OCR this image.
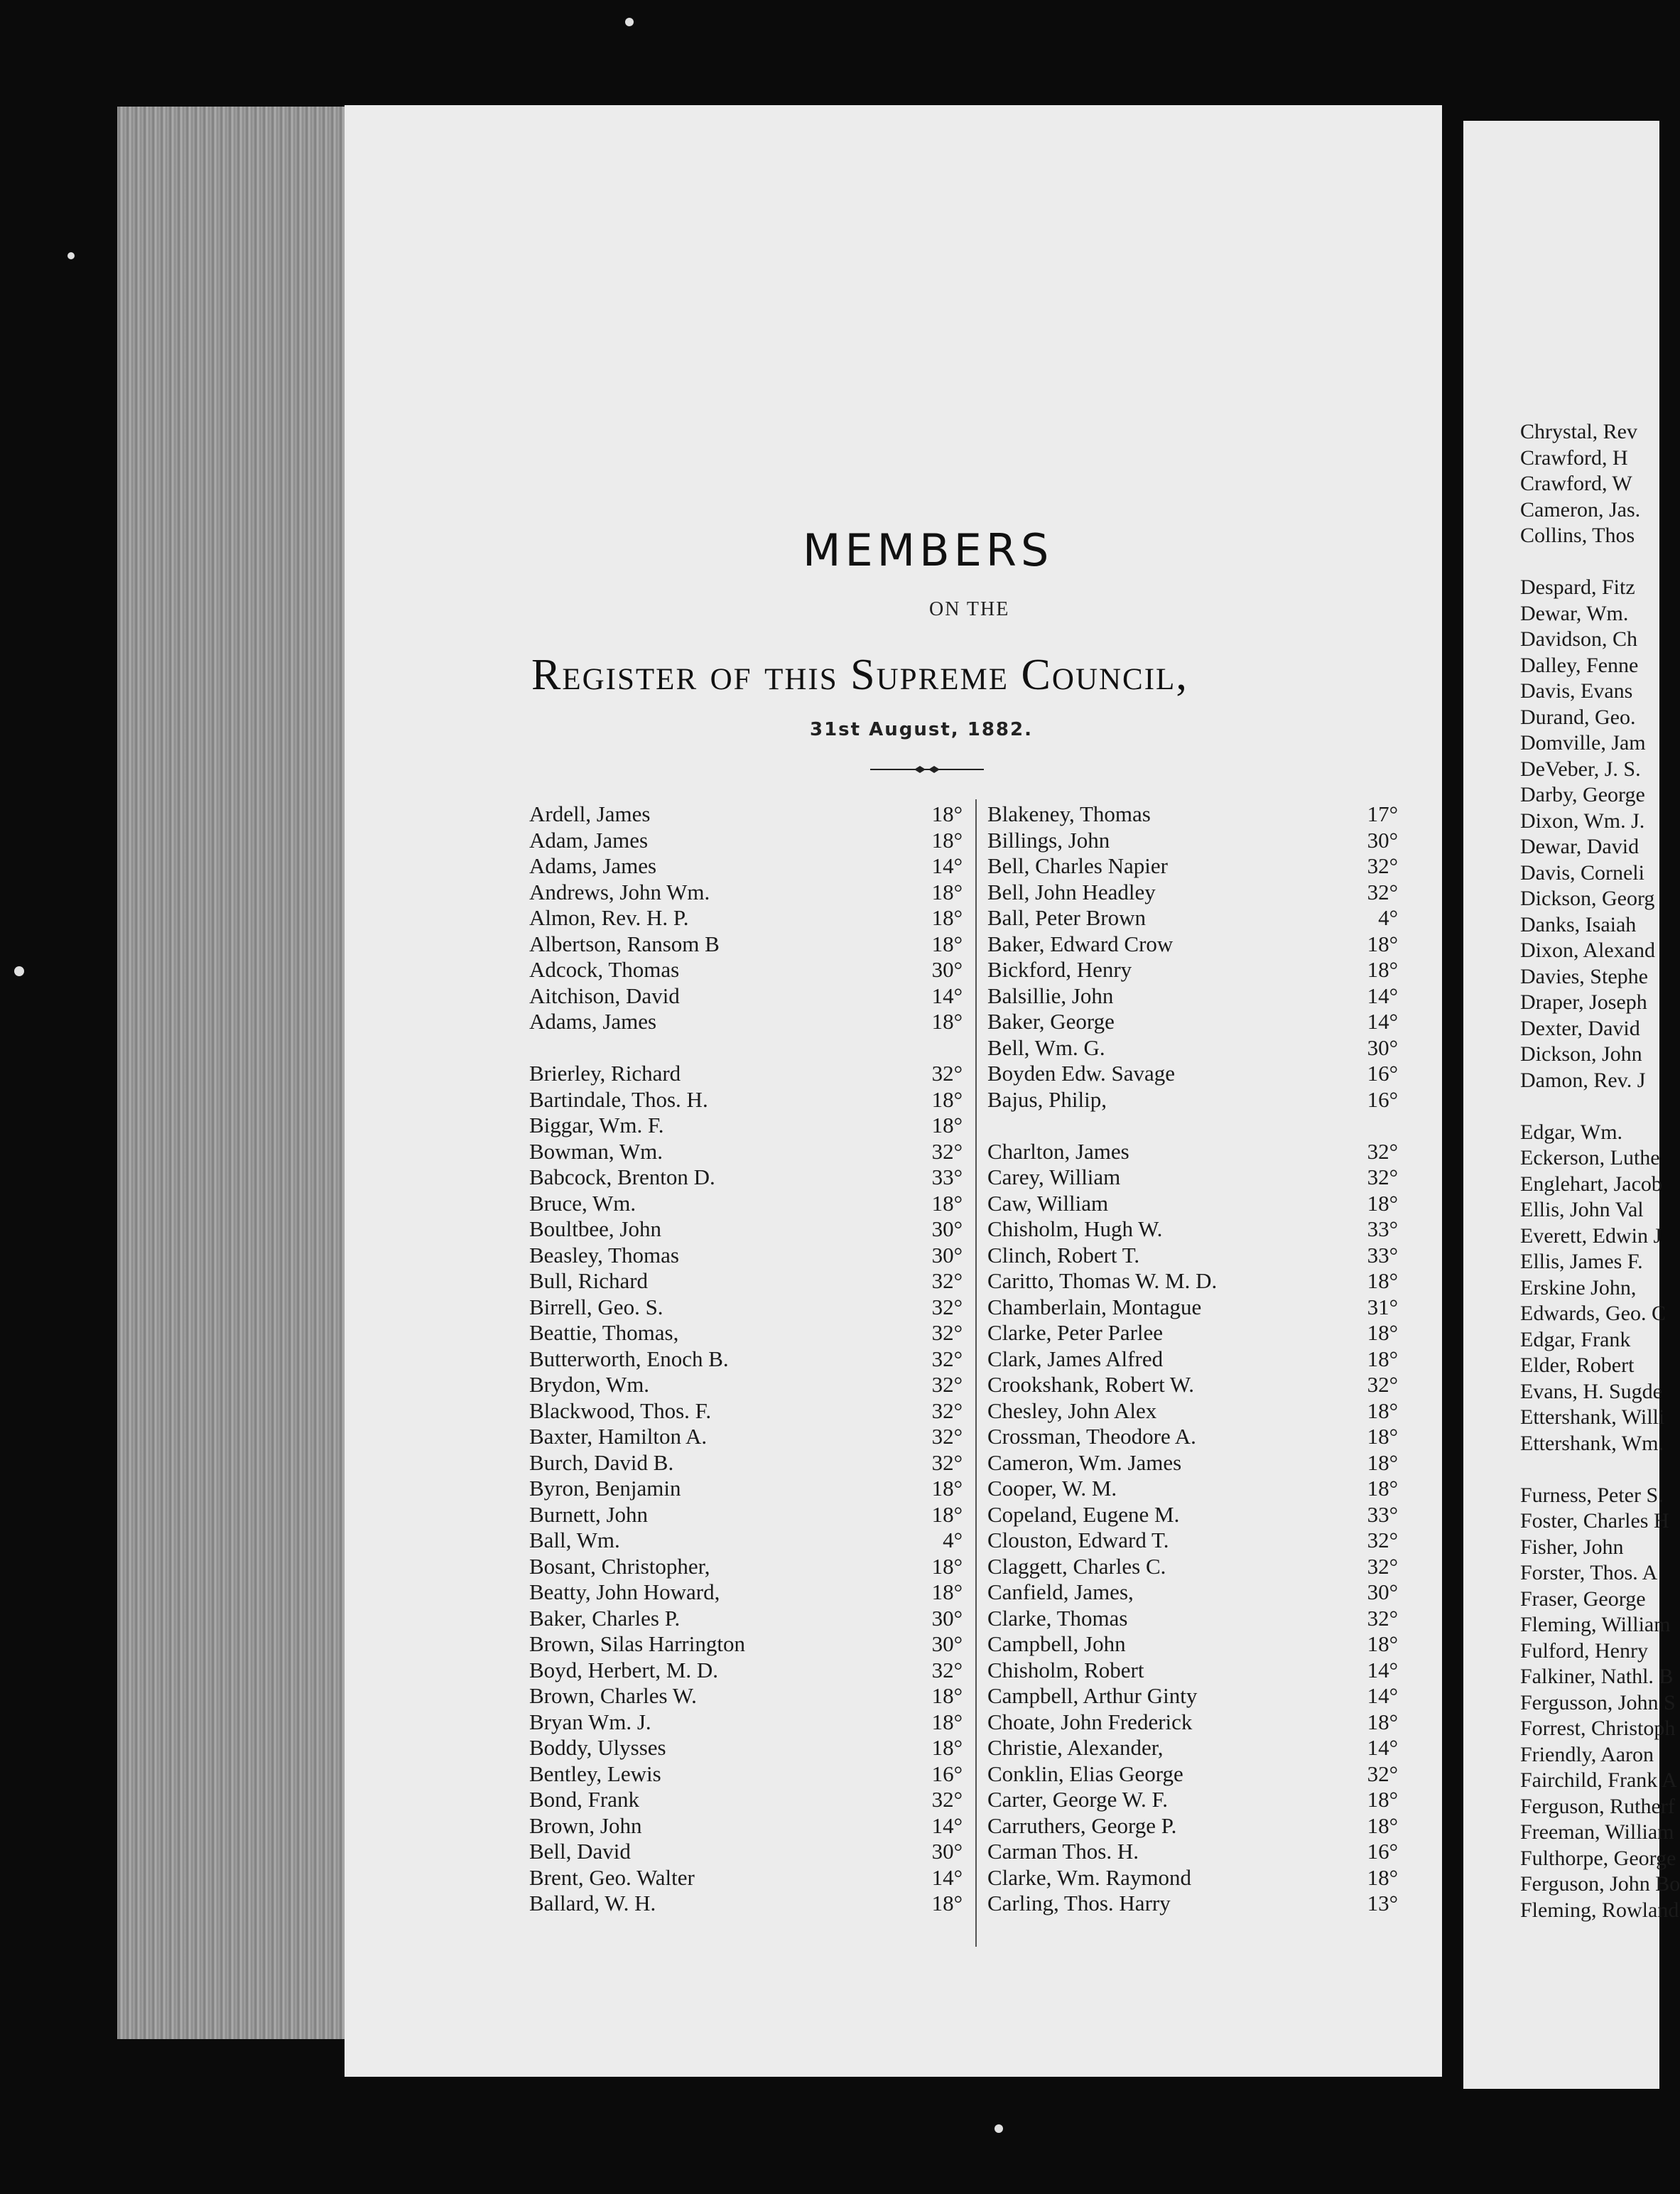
MEMBERS
ON THE
Register of this Supreme Council,
31st August, 1882.
Ardell, James	18°
Adam, James	18°
Adams, James	14°
Andrews, John Wm.	18°
Almon, Rev. H. P.	18°
Albertson, Ransom B	18°
Adcock, Thomas	30°
Aitchison, David	14°
Adams, James	18°
Brierley, Richard	32°
Bartindale, Thos. H.	18°
Biggar, Wm. F.	18°
Bowman, Wm.	32°
Babcock, Brenton D.	33°
Bruce, Wm.	18°
Boultbee, John	30°
Beasley, Thomas	30°
Bull, Richard	32°
Birrell, Geo. S.	32°
Beattie, Thomas,	32°
Butterworth, Enoch B.	32°
Brydon, Wm.	32°
Blackwood, Thos. F.	32°
Baxter, Hamilton A.	32°
Burch, David B.	32°
Byron, Benjamin	18°
Burnett, John	18°
Ball, Wm.	4°
Bosant, Christopher,	18°
Beatty, John Howard,	18°
Baker, Charles P.	30°
Brown, Silas Harrington	30°
Boyd, Herbert, M. D.	32°
Brown, Charles W.	18°
Bryan Wm. J.	18°
Boddy, Ulysses	18°
Bentley, Lewis	16°
Bond, Frank	32°
Brown, John	14°
Bell, David	30°
Brent, Geo. Walter	14°
Ballard, W. H.	18°
Blakeney, Thomas	17°
Billings, John	30°
Bell, Charles Napier	32°
Bell, John Headley	32°
Ball, Peter Brown	4°
Baker, Edward Crow	18°
Bickford, Henry	18°
Balsillie, John	14°
Baker, George	14°
Bell, Wm. G.	30°
Boyden Edw. Savage	16°
Bajus, Philip,	16°
Charlton, James	32°
Carey, William	32°
Caw, William	18°
Chisholm, Hugh W.	33°
Clinch, Robert T.	33°
Caritto, Thomas W. M. D.	18°
Chamberlain, Montague	31°
Clarke, Peter Parlee	18°
Clark, James Alfred	18°
Crookshank, Robert W.	32°
Chesley, John Alex	18°
Crossman, Theodore A.	18°
Cameron, Wm. James	18°
Cooper, W. M.	18°
Copeland, Eugene M.	33°
Clouston, Edward T.	32°
Claggett, Charles C.	32°
Canfield, James,	30°
Clarke, Thomas	32°
Campbell, John	18°
Chisholm, Robert	14°
Campbell, Arthur Ginty	14°
Choate, John Frederick	18°
Christie, Alexander,	14°
Conklin, Elias George	32°
Carter, George W. F.	18°
Carruthers, George P.	18°
Carman Thos. H.	16°
Clarke, Wm. Raymond	18°
Carling, Thos. Harry	13°
Chrystal, Rev
Crawford, H
Crawford, W
Cameron, Jas.
Collins, Thos
Despard, Fitz
Dewar, Wm.
Davidson, Ch
Dalley, Fenne
Davis, Evans
Durand, Geo.
Domville, Jam
DeVeber, J. S.
Darby, George
Dixon, Wm. J.
Dewar, David
Davis, Corneli
Dickson, Georg
Danks, Isaiah
Dixon, Alexand
Davies, Stephe
Draper, Joseph
Dexter, David
Dickson, John
Damon, Rev. J
Edgar, Wm.
Eckerson, Luthe
Englehart, Jacob
Ellis, John Val
Everett, Edwin J
Ellis, James F.
Erskine John,
Edwards, Geo. C
Edgar, Frank
Elder, Robert
Evans, H. Sugde
Ettershank, Willi
Ettershank, Wm.
Furness, Peter S.
Foster, Charles H
Fisher, John
Forster, Thos. A
Fraser, George
Fleming, William
Fulford, Henry
Falkiner, Nathl. B
Fergusson, John S
Forrest, Christoph
Friendly, Aaron
Fairchild, Frank A
Ferguson, Rutherf
Freeman, William
Fulthorpe, George
Ferguson, John Bo
Fleming, Rowland
